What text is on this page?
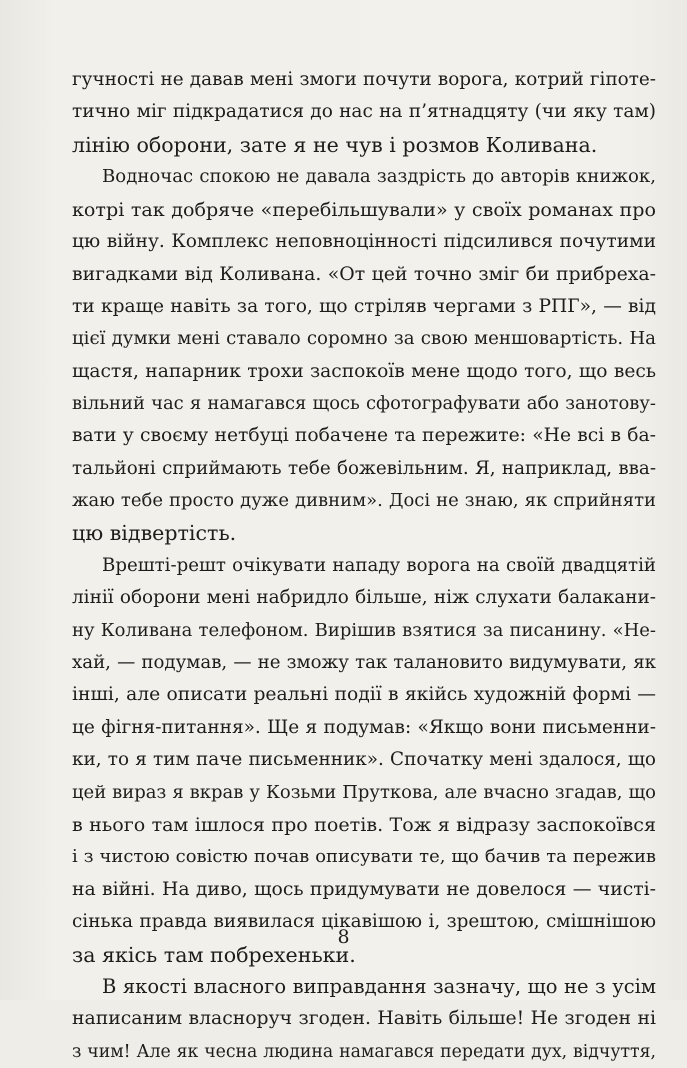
гучності не давав мені змоги почути ворога, котрий гіпоте-
тично міг підкрадатися до нас на п’ятнадцяту (чи яку там)
лінію оборони, зате я не чув і розмов Коливана.
Водночас спокою не давала заздрість до авторів книжок,
котрі так добряче «перебільшували» у своїх романах про
цю війну. Комплекс неповноцінності підсилився почутими
вигадками від Коливана. «От цей точно зміг би прибреха-
ти краще навіть за того, що стріляв чергами з РПГ», — від
цієї думки мені ставало соромно за свою меншовартість. На
щастя, напарник трохи заспокоїв мене щодо того, що весь
вільний час я намагався щось сфотографувати або занотову-
вати у своєму нетбуці побачене та пережите: «Не всі в ба-
тальйоні сприймають тебе божевільним. Я, наприклад, вва-
жаю тебе просто дуже дивним». Досі не знаю, як сприйняти
цю відвертість.
Врешті-решт очікувати нападу ворога на своїй двадцятій
лінії оборони мені набридло більше, ніж слухати балакани-
ну Коливана телефоном. Вирішив взятися за писанину. «Не-
хай, — подумав, — не зможу так талановито видумувати, як
інші, але описати реальні події в якійсь художній формі —
це фігня-питання». Ще я подумав: «Якщо вони письменни-
ки, то я тим паче письменник». Спочатку мені здалося, що
цей вираз я вкрав у Козьми Пруткова, але вчасно згадав, що
в нього там ішлося про поетів. Тож я відразу заспокоївся
і з чистою совістю почав описувати те, що бачив та пережив
на війні. На диво, щось придумувати не довелося — чисті-
сінька правда виявилася цікавішою і, зрештою, смішнішою
за якісь там побрехеньки.
В якості власного виправдання зазначу, що не з усім
написаним власноруч згоден. Навіть більше! Не згоден ні
з чим! Але як чесна людина намагався передати дух, відчуття,
8
